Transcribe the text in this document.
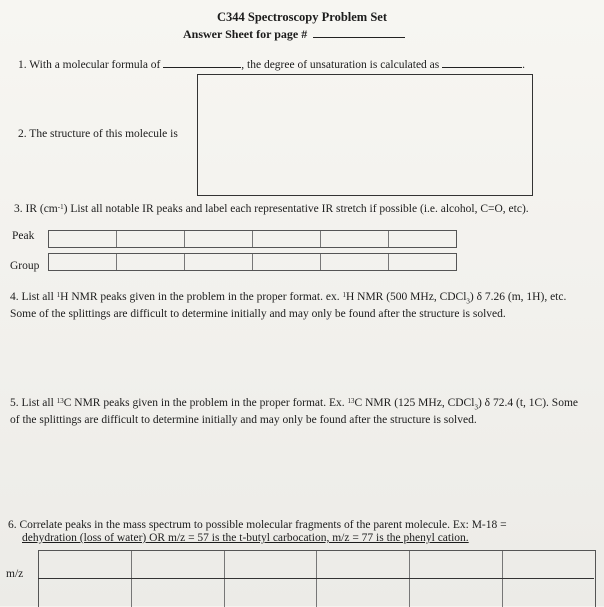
C344 Spectroscopy Problem Set
Answer Sheet for page #
1. With a molecular formula of	, the degree of unsaturation is calculated as	.
2. The structure of this molecule is
3. IR $(cm^{-1})$ List all notable IR peaks and label each representative IR stretch if possible (i.e. alcohol, C=O, etc).
Peak
Group
4. List all $^1$H NMR peaks given in the problem in the proper format. ex. $^1$H NMR (500 MHz, CDCl$_3$) δ 7.26 (m, 1H), etc. Some of the splittings are difficult to determine initially and may only be found after the structure is solved.
5. List all $^{13}$C NMR peaks given in the problem in the proper format. Ex. $^{13}$C NMR (125 MHz, CDCl$_3$) δ 72.4 (t, 1C). Some of the splittings are difficult to determine initially and may only be found after the structure is solved.
6. Correlate peaks in the mass spectrum to possible molecular fragments of the parent molecule. Ex: M-18 =
dehydration (loss of water) OR m/z = 57 is the t-butyl carbocation, m/z = 77 is the phenyl cation.
m/z
